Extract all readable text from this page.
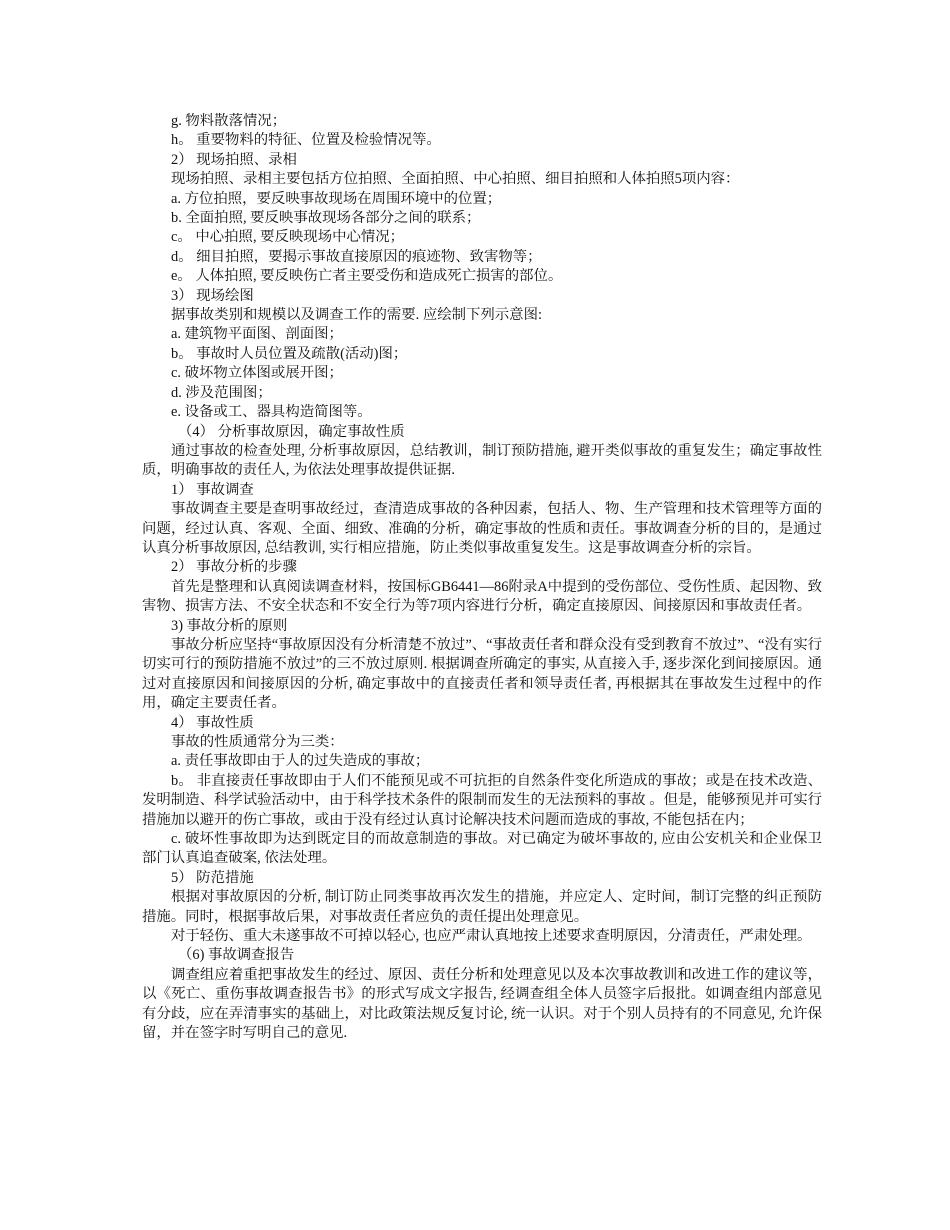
g. 物料散落情况；

h。 重要物料的特征、位置及检验情况等。

2） 现场拍照、录相

现场拍照、录相主要包括方位拍照、全面拍照、中心拍照、细目拍照和人体拍照5项内容：

a. 方位拍照，要反映事故现场在周围环境中的位置；

b. 全面拍照, 要反映事故现场各部分之间的联系；

c。 中心拍照, 要反映现场中心情况；

d。 细目拍照，要揭示事故直接原因的痕迹物、致害物等；

e。 人体拍照, 要反映伤亡者主要受伤和造成死亡损害的部位。

3） 现场绘图

据事故类别和规模以及调查工作的需要. 应绘制下列示意图:

a. 建筑物平面图、剖面图；

b。 事故时人员位置及疏散(活动)图；

c. 破坏物立体图或展开图；

d. 涉及范围图；

e. 设备或工、器具构造简图等。

（4） 分析事故原因，确定事故性质

通过事故的检查处理, 分析事故原因，总结教训，制订预防措施, 避开类似事故的重复发生；确定事故性质，明确事故的责任人, 为依法处理事故提供证据.

1） 事故调查

事故调查主要是查明事故经过，查清造成事故的各种因素，包括人、物、生产管理和技术管理等方面的问题，经过认真、客观、全面、细致、准确的分析，确定事故的性质和责任。事故调查分析的目的，是通过认真分析事故原因, 总结教训, 实行相应措施，防止类似事故重复发生。这是事故调查分析的宗旨。

2） 事故分析的步骤

首先是整理和认真阅读调查材料，按国标GB6441—86附录A中提到的受伤部位、受伤性质、起因物、致害物、损害方法、不安全状态和不安全行为等7项内容进行分析，确定直接原因、间接原因和事故责任者。

3) 事故分析的原则

事故分析应坚持“事故原因没有分析清楚不放过”、“事故责任者和群众没有受到教育不放过”、“没有实行切实可行的预防措施不放过”的三不放过原则. 根据调查所确定的事实, 从直接入手, 逐步深化到间接原因。通过对直接原因和间接原因的分析, 确定事故中的直接责任者和领导责任者, 再根据其在事故发生过程中的作用，确定主要责任者。

4） 事故性质

事故的性质通常分为三类：

a. 责任事故即由于人的过失造成的事故；

b。 非直接责任事故即由于人们不能预见或不可抗拒的自然条件变化所造成的事故；或是在技术改造、发明制造、科学试验活动中，由于科学技术条件的限制而发生的无法预料的事故 。但是，能够预见并可实行措施加以避开的伤亡事故，或由于没有经过认真讨论解决技术问题而造成的事故, 不能包括在内；

c. 破坏性事故即为达到既定目的而故意制造的事故。对已确定为破坏事故的, 应由公安机关和企业保卫部门认真追查破案, 依法处理。

5） 防范措施

根据对事故原因的分析, 制订防止同类事故再次发生的措施，并应定人、定时间，制订完整的纠正预防措施。同时，根据事故后果，对事故责任者应负的责任提出处理意见。

对于轻伤、重大未遂事故不可掉以轻心, 也应严肃认真地按上述要求查明原因，分清责任，严肃处理。

（6) 事故调查报告

调查组应着重把事故发生的经过、原因、责任分析和处理意见以及本次事故教训和改进工作的建议等，以《死亡、重伤事故调查报告书》的形式写成文字报告, 经调查组全体人员签字后报批。如调查组内部意见有分歧，应在弄清事实的基础上，对比政策法规反复讨论, 统一认识。对于个别人员持有的不同意见, 允许保留，并在签字时写明自己的意见.
